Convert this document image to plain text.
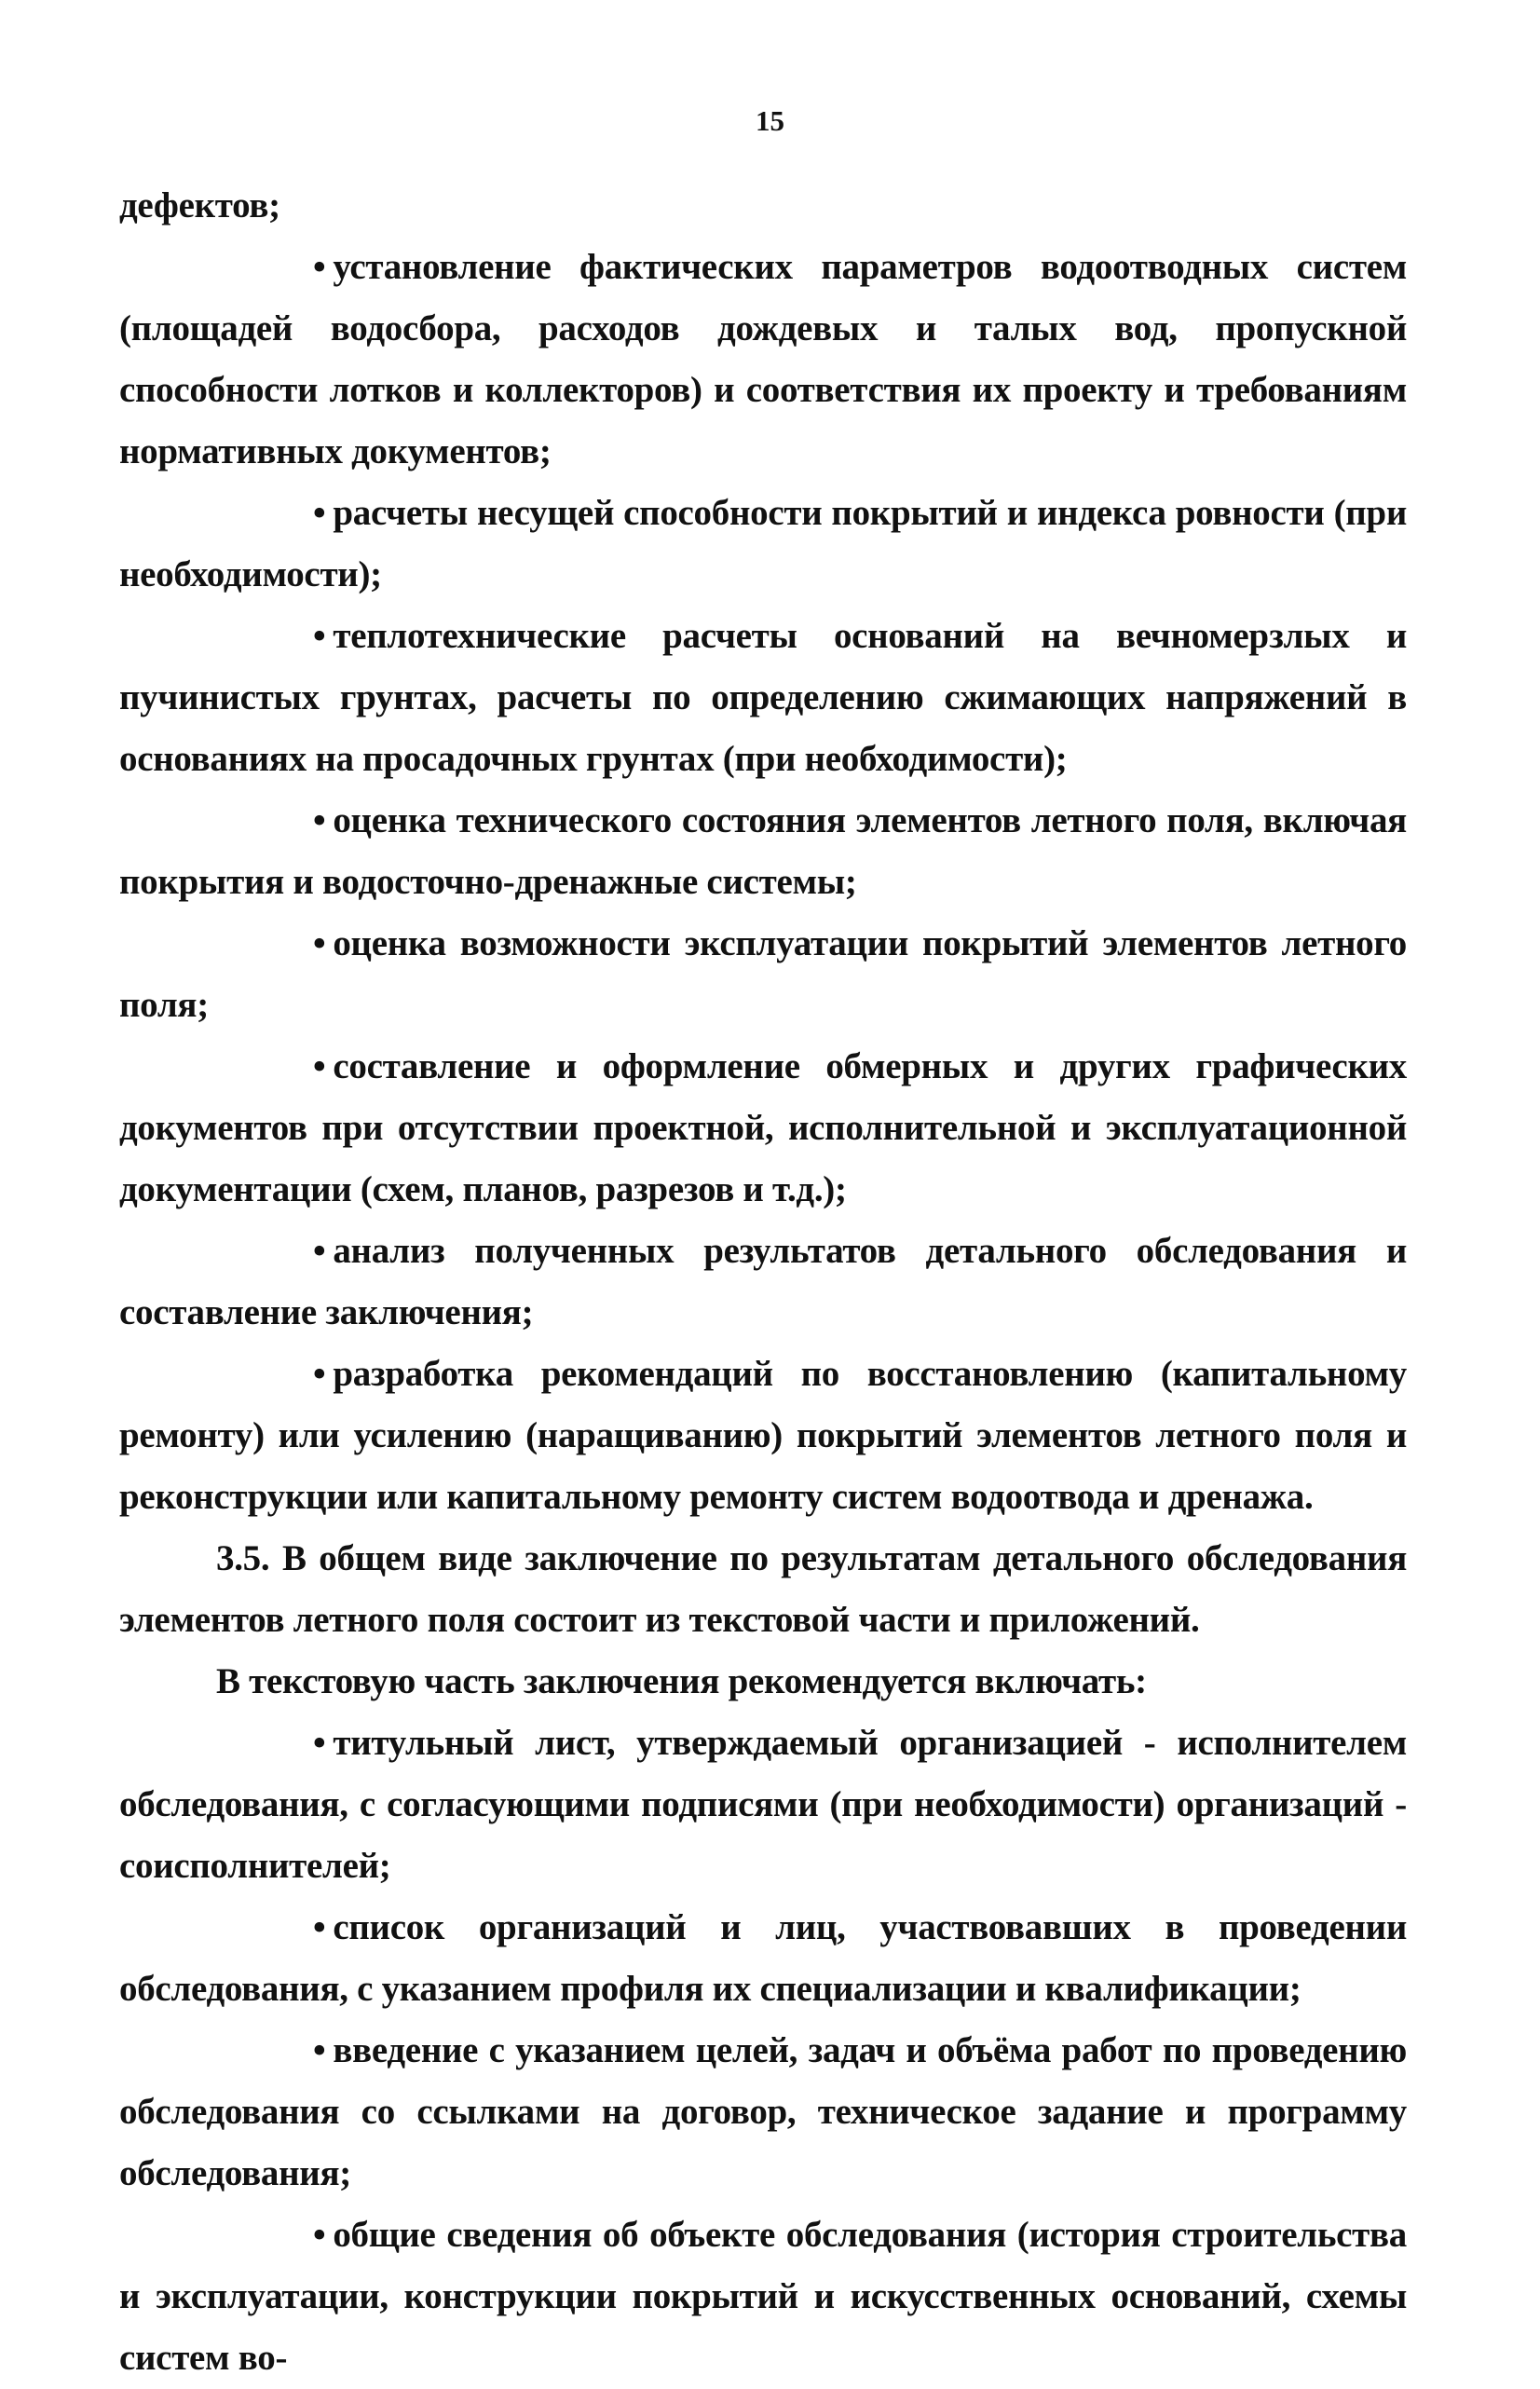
15

дефектов;

• установление фактических параметров водоотводных систем (площадей водосбора, расходов дождевых и талых вод, пропускной способности лотков и коллекторов) и соответствия их проекту и требованиям нормативных документов;

• расчеты несущей способности покрытий и индекса ровности (при необходимости);

• теплотехнические расчеты оснований на вечномерзлых и пучинистых грунтах, расчеты по определению сжимающих напряжений в основаниях на просадочных грунтах (при необходимости);

• оценка технического состояния элементов летного поля, включая покрытия и водосточно-дренажные системы;

• оценка возможности эксплуатации покрытий элементов летного поля;

• составление и оформление обмерных и других графических документов при отсутствии проектной, исполнительной и эксплуатационной документации (схем, планов, разрезов и т.д.);

• анализ полученных результатов детального обследования и составление заключения;

• разработка рекомендаций по восстановлению (капитальному ремонту) или усилению (наращиванию) покрытий элементов летного поля и реконструкции или капитальному ремонту систем водоотвода и дренажа.

3.5. В общем виде заключение по результатам детального обследования элементов летного поля состоит из текстовой части и приложений.

В текстовую часть заключения рекомендуется включать:

• титульный лист, утверждаемый организацией - исполнителем обследования, с согласующими подписями (при необходимости) организаций - соисполнителей;

• список организаций и лиц, участвовавших в проведении обследования, с указанием профиля их специализации и квалификации;

• введение с указанием целей, задач и объёма работ по проведению обследования со ссылками на договор, техническое задание и программу обследования;

• общие сведения об объекте обследования (история строительства и эксплуатации, конструкции покрытий и искусственных оснований, схемы систем во-
